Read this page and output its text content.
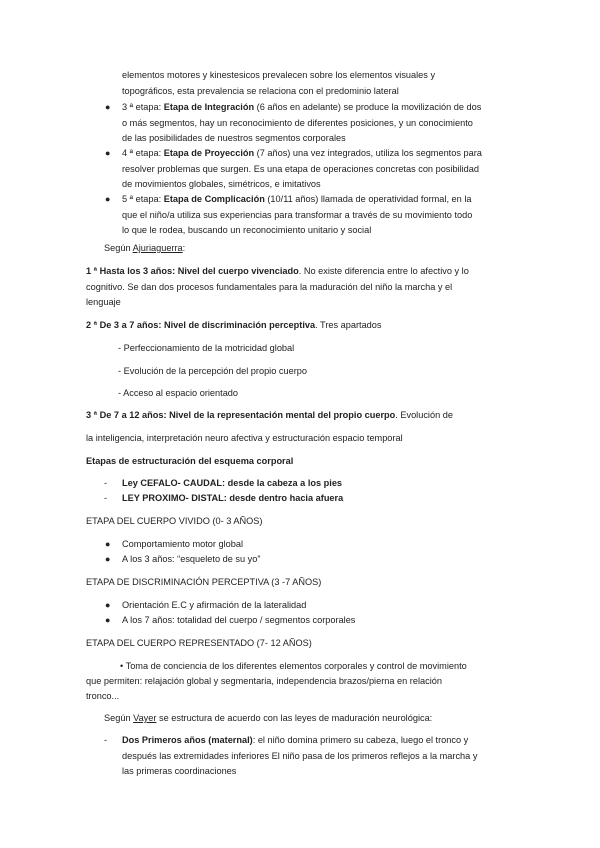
elementos motores y kinestesicos prevalecen sobre los elementos visuales y
topográficos, esta prevalencia se relaciona con el predominio lateral
● 3 ª etapa: Etapa de Integración (6 años en adelante) se produce la movilización de dos
o más segmentos, hay un reconocimiento de diferentes posiciones, y un conocimiento
de las posibilidades de nuestros segmentos corporales
● 4 ª etapa: Etapa de Proyección (7 años) una vez integrados, utiliza los segmentos para
resolver problemas que surgen. Es una etapa de operaciones concretas con posibilidad
de movimientos globales, simétricos, e imitativos
● 5 ª etapa: Etapa de Complicación (10/11 años) llamada de operatividad formal, en la
que el niño/a utiliza sus experiencias para transformar a través de su movimiento todo
lo que le rodea, buscando un reconocimiento unitario y social
Según Ajuriaguerra:
1 ª Hasta los 3 años: Nivel del cuerpo vivenciado. No existe diferencia entre lo afectivo y lo
cognitivo. Se dan dos procesos fundamentales para la maduración del niño la marcha y el
lenguaje
2 ª De 3 a 7 años: Nivel de discriminación perceptiva. Tres apartados
- Perfeccionamiento de la motricidad global
- Evolución de la percepción del propio cuerpo
- Acceso al espacio orientado
3 ª De 7 a 12 años: Nivel de la representación mental del propio cuerpo. Evolución de
la inteligencia, interpretación neuro afectiva y estructuración espacio temporal
Etapas de estructuración del esquema corporal
- Ley CEFALO- CAUDAL: desde la cabeza a los pies
- LEY PROXIMO- DISTAL: desde dentro hacia afuera
ETAPA DEL CUERPO VIVIDO (0- 3 AÑOS)
● Comportamiento motor global
● A los 3 años: “esqueleto de su yo”
ETAPA DE DISCRIMINACIÓN PERCEPTIVA (3 -7 AÑOS)
● Orientación E.C y afirmación de la lateralidad
● A los 7 años: totalidad del cuerpo / segmentos corporales
ETAPA DEL CUERPO REPRESENTADO (7- 12 AÑOS)
• Toma de conciencia de los diferentes elementos corporales y control de movimiento
que permiten: relajación global y segmentaria, independencia brazos/pierna en relación
tronco...
Según Vayer se estructura de acuerdo con las leyes de maduración neurológica:
- Dos Primeros años (maternal): el niño domina primero su cabeza, luego el tronco y
después las extremidades inferiores El niño pasa de los primeros reflejos a la marcha y
las primeras coordinaciones
